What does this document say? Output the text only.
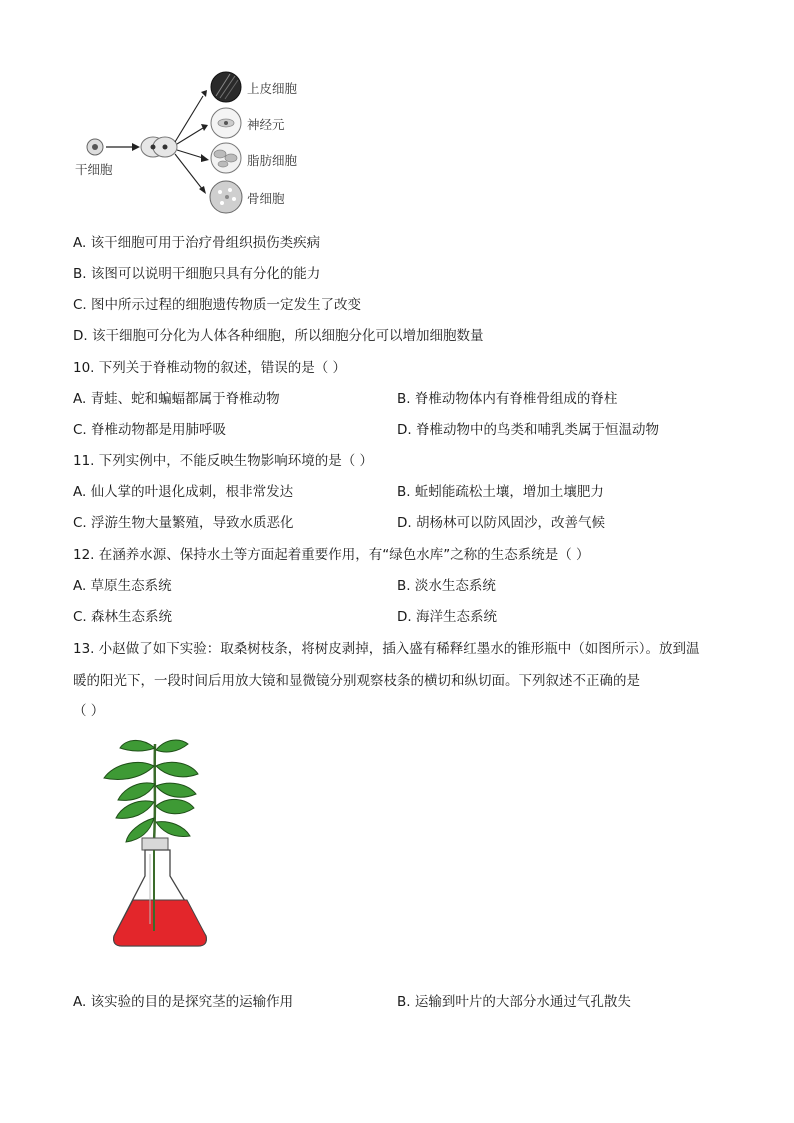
干细胞
上皮细胞
神经元
脂肪细胞
骨细胞
A. 该干细胞可用于治疗骨组织损伤类疾病
B. 该图可以说明干细胞只具有分化的能力
C. 图中所示过程的细胞遗传物质一定发生了改变
D. 该干细胞可分化为人体各种细胞，所以细胞分化可以增加细胞数量
10. 下列关于脊椎动物的叙述，错误的是（ ）
A. 青蛙、蛇和蝙蝠都属于脊椎动物	B. 脊椎动物体内有脊椎骨组成的脊柱
C. 脊椎动物都是用肺呼吸	D. 脊椎动物中的鸟类和哺乳类属于恒温动物
11. 下列实例中，不能反映生物影响环境的是（ ）
A. 仙人掌的叶退化成刺，根非常发达	B. 蚯蚓能疏松土壤，增加土壤肥力
C. 浮游生物大量繁殖，导致水质恶化	D. 胡杨林可以防风固沙，改善气候
12. 在涵养水源、保持水土等方面起着重要作用，有“绿色水库”之称的生态系统是（ ）
A. 草原生态系统	B. 淡水生态系统
C. 森林生态系统	D. 海洋生态系统
13. 小赵做了如下实验：取桑树枝条，将树皮剥掉，插入盛有稀释红墨水的锥形瓶中（如图所示）。放到温
暖的阳光下，一段时间后用放大镜和显微镜分别观察枝条的横切和纵切面。下列叙述不正确的是
（ ）
A. 该实验的目的是探究茎的运输作用	B. 运输到叶片的大部分水通过气孔散失
